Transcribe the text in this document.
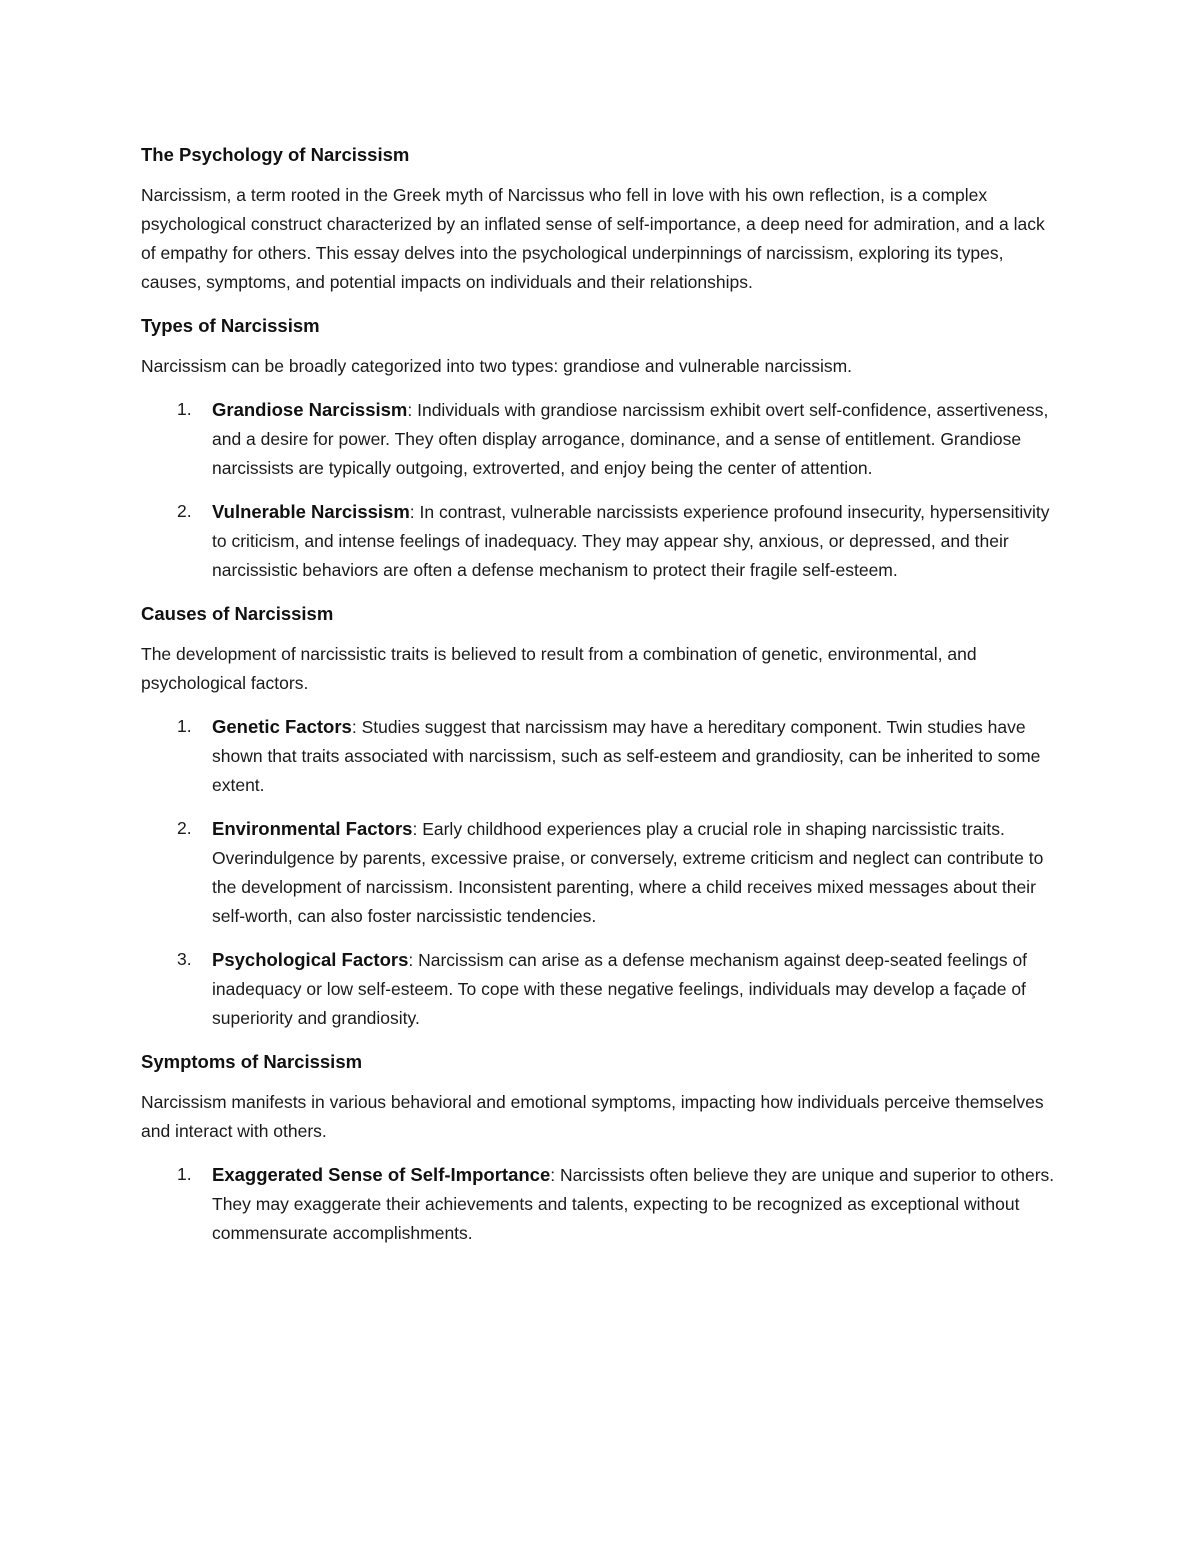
The Psychology of Narcissism

Narcissism, a term rooted in the Greek myth of Narcissus who fell in love with his own reflection, is a complex psychological construct characterized by an inflated sense of self-importance, a deep need for admiration, and a lack of empathy for others. This essay delves into the psychological underpinnings of narcissism, exploring its types, causes, symptoms, and potential impacts on individuals and their relationships.

Types of Narcissism

Narcissism can be broadly categorized into two types: grandiose and vulnerable narcissism.

1. Grandiose Narcissism: Individuals with grandiose narcissism exhibit overt self-confidence, assertiveness, and a desire for power. They often display arrogance, dominance, and a sense of entitlement. Grandiose narcissists are typically outgoing, extroverted, and enjoy being the center of attention.
2. Vulnerable Narcissism: In contrast, vulnerable narcissists experience profound insecurity, hypersensitivity to criticism, and intense feelings of inadequacy. They may appear shy, anxious, or depressed, and their narcissistic behaviors are often a defense mechanism to protect their fragile self-esteem.
Causes of Narcissism

The development of narcissistic traits is believed to result from a combination of genetic, environmental, and psychological factors.

1. Genetic Factors: Studies suggest that narcissism may have a hereditary component. Twin studies have shown that traits associated with narcissism, such as self-esteem and grandiosity, can be inherited to some extent.
2. Environmental Factors: Early childhood experiences play a crucial role in shaping narcissistic traits. Overindulgence by parents, excessive praise, or conversely, extreme criticism and neglect can contribute to the development of narcissism. Inconsistent parenting, where a child receives mixed messages about their self-worth, can also foster narcissistic tendencies.
3. Psychological Factors: Narcissism can arise as a defense mechanism against deep-seated feelings of inadequacy or low self-esteem. To cope with these negative feelings, individuals may develop a façade of superiority and grandiosity.
Symptoms of Narcissism

Narcissism manifests in various behavioral and emotional symptoms, impacting how individuals perceive themselves and interact with others.

1. Exaggerated Sense of Self-Importance: Narcissists often believe they are unique and superior to others. They may exaggerate their achievements and talents, expecting to be recognized as exceptional without commensurate accomplishments.
